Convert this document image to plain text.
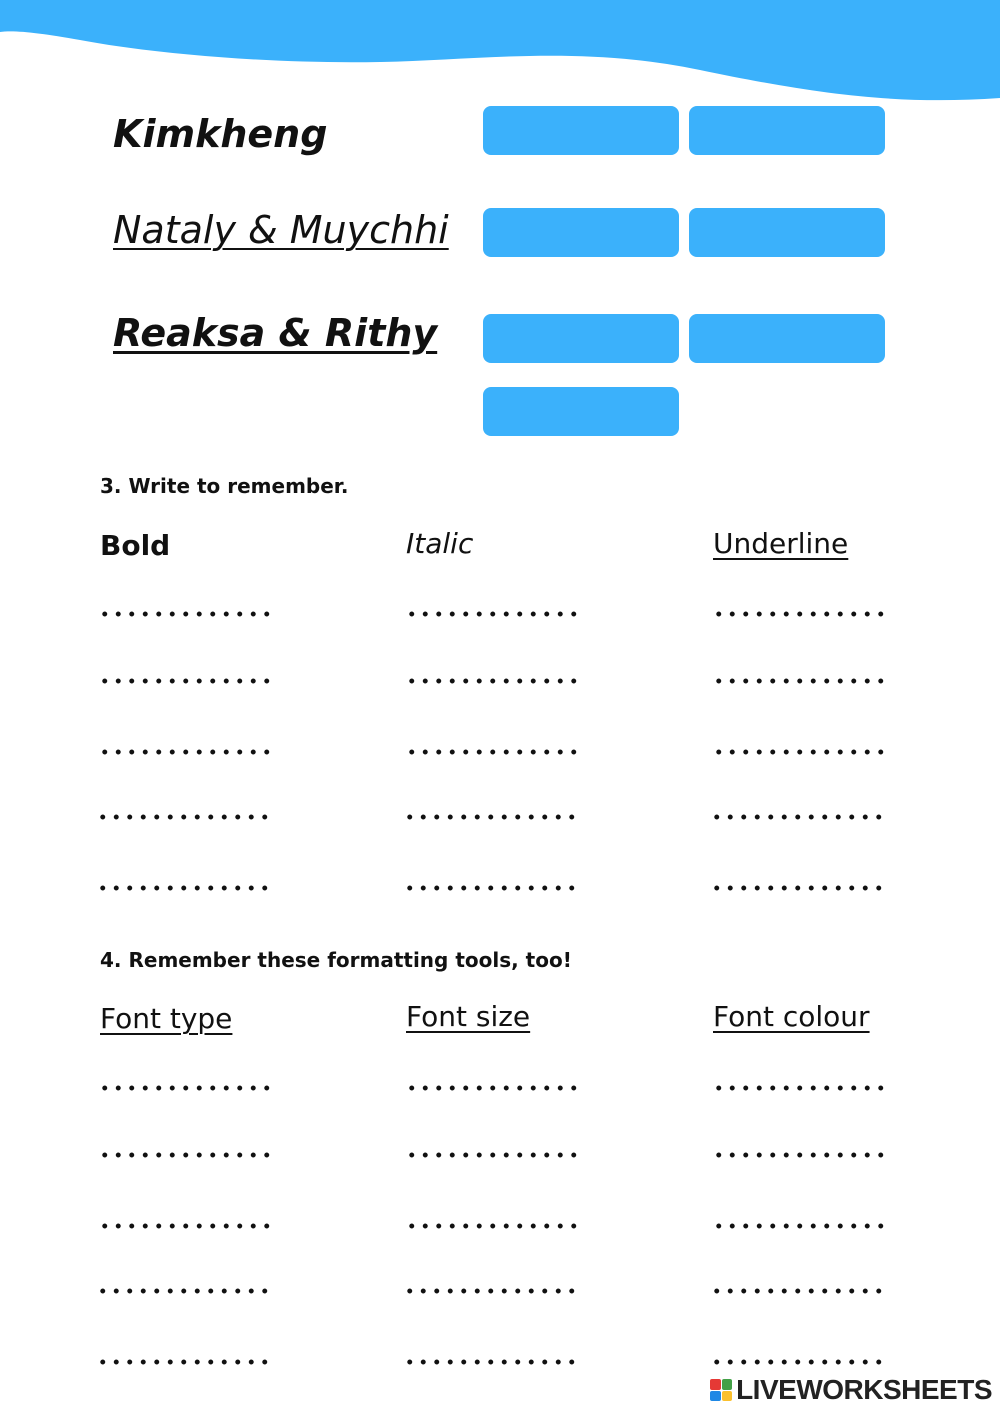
Kimkheng
Nataly & Muychhi
Reaksa & Rithy
3. Write to remember.
Bold	Italic	Underline
4. Remember these formatting tools, too!
Font type	Font size	Font colour
LIVEWORKSHEETS
